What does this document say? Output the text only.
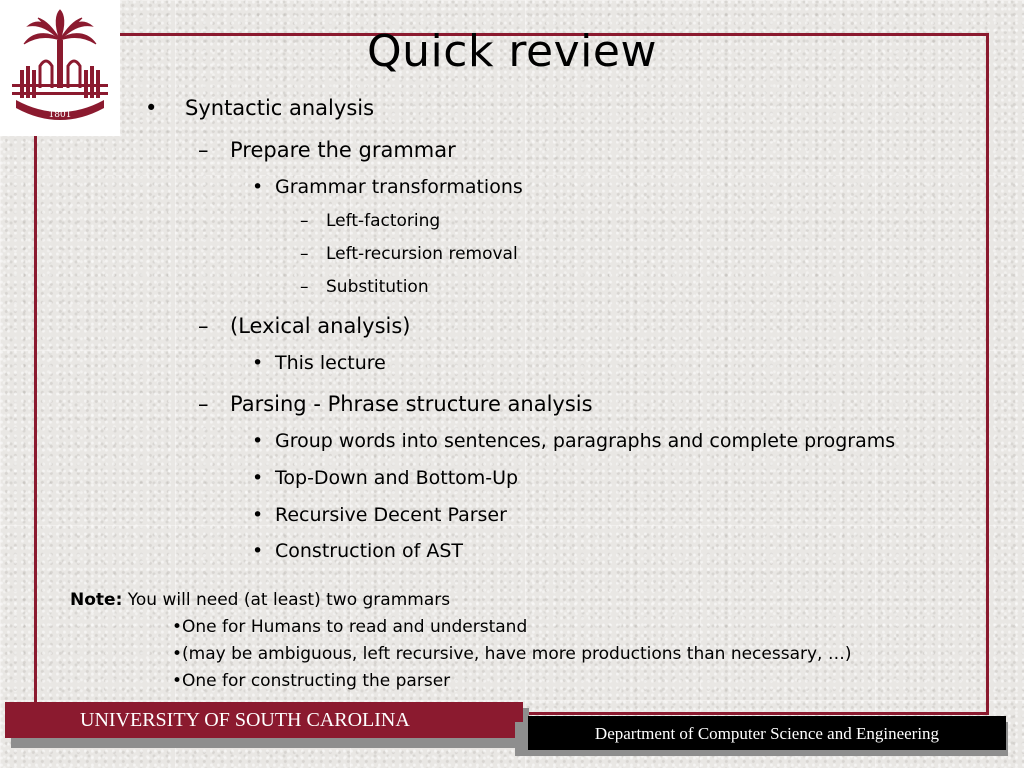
1801
Quick review
• Syntactic analysis
– Prepare the grammar
• Grammar transformations
– Left-factoring
– Left-recursion removal
– Substitution
– (Lexical analysis)
• This lecture
– Parsing - Phrase structure analysis
• Group words into sentences, paragraphs and complete programs
• Top-Down and Bottom-Up
• Recursive Decent Parser
• Construction of AST
Note: You will need (at least) two grammars
•One for Humans to read and understand
•(may be ambiguous, left recursive, have more productions than necessary, …)
•One for constructing the parser
UNIVERSITY OF SOUTH CAROLINA
Department of Computer Science and Engineering
